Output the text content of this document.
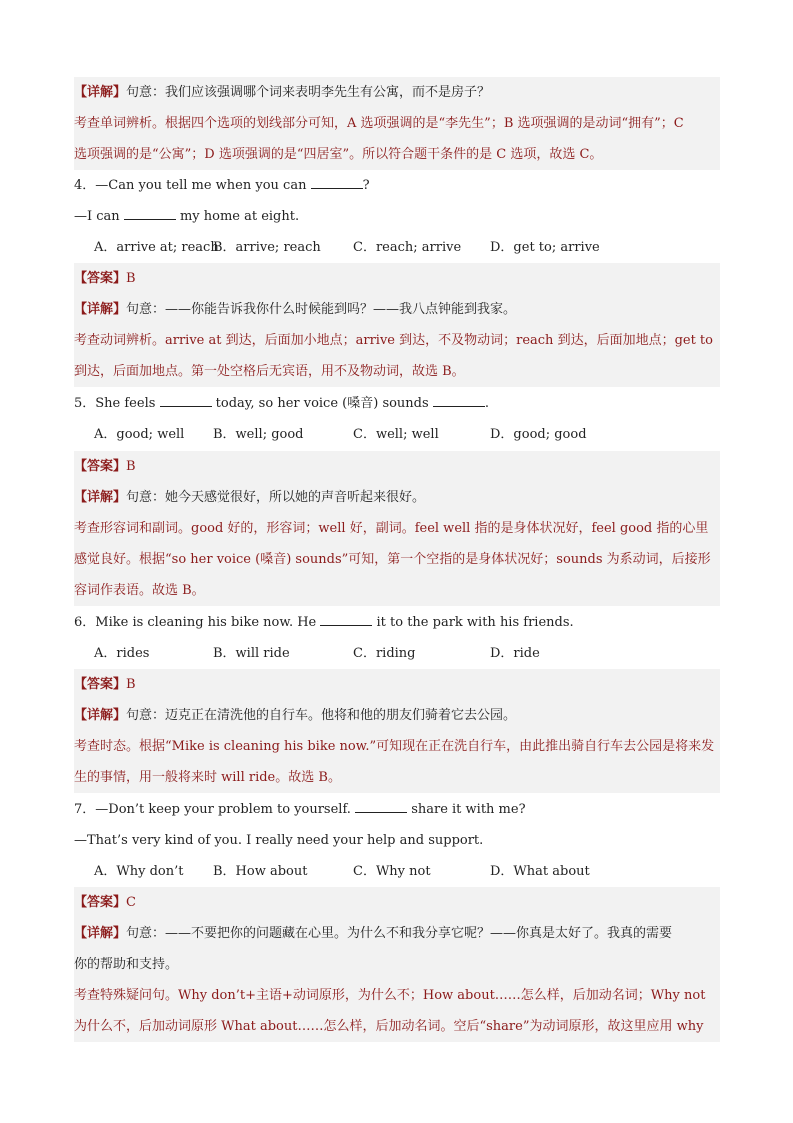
【详解】句意：我们应该强调哪个词来表明李先生有公寓，而不是房子？
考查单词辨析。根据四个选项的划线部分可知，A 选项强调的是“李先生”；B 选项强调的是动词“拥有”；C
选项强调的是“公寓”；D 选项强调的是“四居室”。所以符合题干条件的是 C 选项，故选 C。
4．—Can you tell me when you can	?
—I can	my home at eight.
A．arrive at; reach
B．arrive; reach C．reach; arrive D．get to; arrive
【答案】B
【详解】句意：——你能告诉我你什么时候能到吗？——我八点钟能到我家。
考查动词辨析。arrive at 到达，后面加小地点；arrive 到达，不及物动词；reach 到达，后面加地点；get to
到达，后面加地点。第一处空格后无宾语，用不及物动词，故选 B。
5．She feels	today, so her voice (嗓音) sounds	.
A．good; well B．well; good	C．well; well	D．good; good
【答案】B
【详解】句意：她今天感觉很好，所以她的声音听起来很好。
考查形容词和副词。good 好的，形容词；well 好，副词。feel well 指的是身体状况好，feel good 指的心里
感觉良好。根据“so her voice (嗓音) sounds”可知，第一个空指的是身体状况好；sounds 为系动词，后接形
容词作表语。故选 B。
6．Mike is cleaning his bike now. He	it to the park with his friends.
A．rides	B．will ride	C．riding	D．ride
【答案】B
【详解】句意：迈克正在清洗他的自行车。他将和他的朋友们骑着它去公园。
考查时态。根据“Mike is cleaning his bike now.”可知现在正在洗自行车，由此推出骑自行车去公园是将来发
生的事情，用一般将来时 will ride。故选 B。
7．—Don’t keep your problem to yourself.	share it with me?
—That’s very kind of you. I really need your help and support.
A．Why don’t B．How about	C．Why not	D．What about
【答案】C
【详解】句意：——不要把你的问题藏在心里。为什么不和我分享它呢？——你真是太好了。我真的需要
你的帮助和支持。
考查特殊疑问句。Why don’t+主语+动词原形，为什么不；How about……怎么样，后加动名词；Why not
为什么不，后加动词原形 What about……怎么样，后加动名词。空后“share”为动词原形，故这里应用 why
